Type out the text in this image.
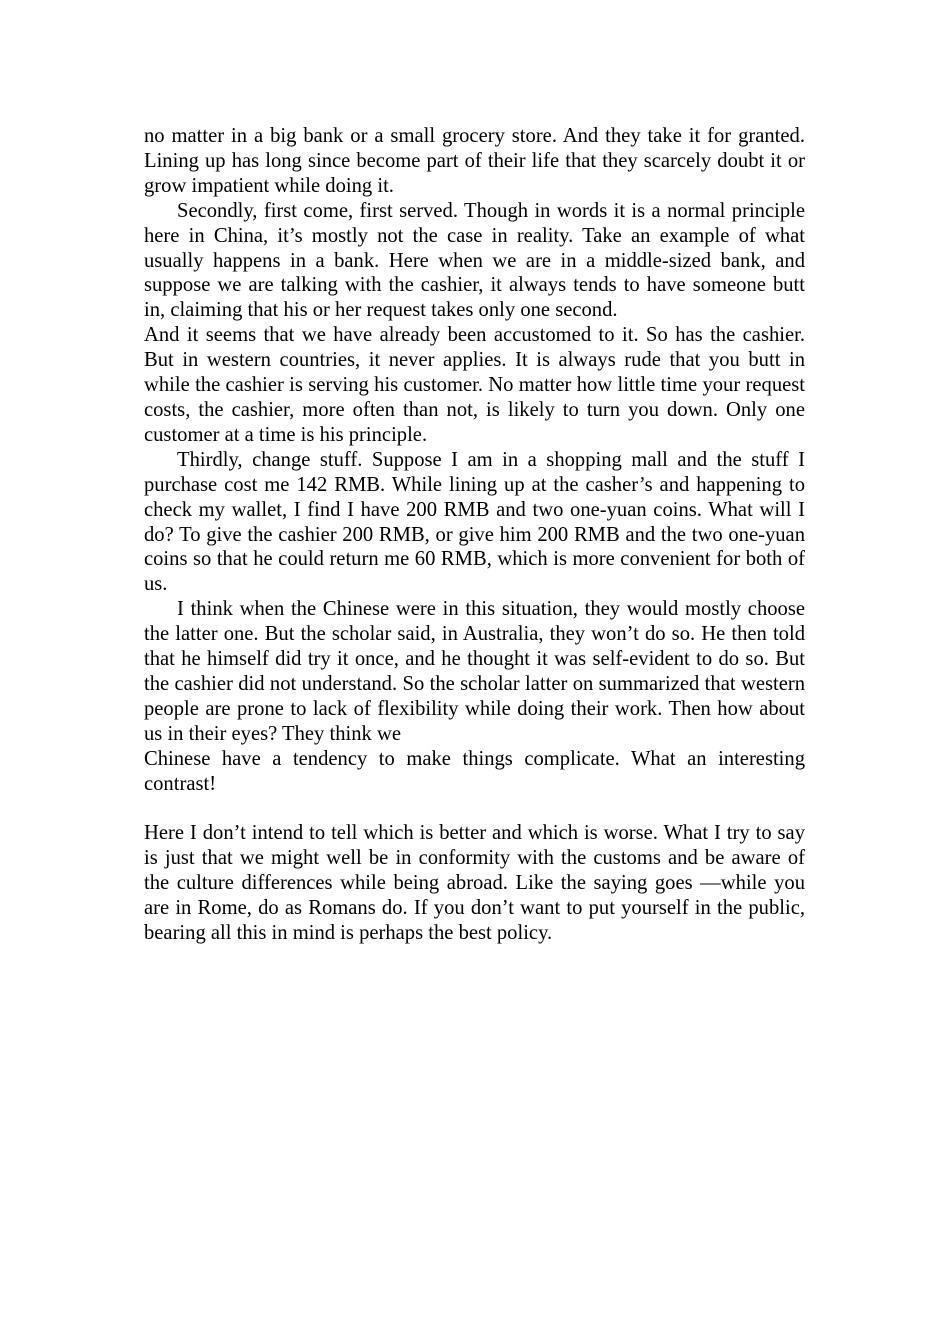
no matter in a big bank or a small grocery store. And they take it for granted. Lining up has long since become part of their life that they scarcely doubt it or grow impatient while doing it.

Secondly, first come, first served. Though in words it is a normal principle here in China, it’s mostly not the case in reality. Take an example of what usually happens in a bank. Here when we are in a middle-sized bank, and suppose we are talking with the cashier, it always tends to have someone butt in, claiming that his or her request takes only one second.

And it seems that we have already been accustomed to it. So has the cashier. But in western countries, it never applies. It is always rude that you butt in while the cashier is serving his customer. No matter how little time your request costs, the cashier, more often than not, is likely to turn you down. Only one customer at a time is his principle.

Thirdly, change stuff. Suppose I am in a shopping mall and the stuff I purchase cost me 142 RMB. While lining up at the casher’s and happening to check my wallet, I find I have 200 RMB and two one-yuan coins. What will I do? To give the cashier 200 RMB, or give him 200 RMB and the two one-yuan coins so that he could return me 60 RMB, which is more convenient for both of us.

I think when the Chinese were in this situation, they would mostly choose the latter one. But the scholar said, in Australia, they won’t do so. He then told that he himself did try it once, and he thought it was self-evident to do so. But the cashier did not understand. So the scholar latter on summarized that western people are prone to lack of flexibility while doing their work. Then how about us in their eyes? They think we

Chinese have a tendency to make things complicate. What an interesting contrast!

Here I don’t intend to tell which is better and which is worse. What I try to say is just that we might well be in conformity with the customs and be aware of the culture differences while being abroad. Like the saying goes —while you are in Rome, do as Romans do. If you don’t want to put yourself in the public, bearing all this in mind is perhaps the best policy.
